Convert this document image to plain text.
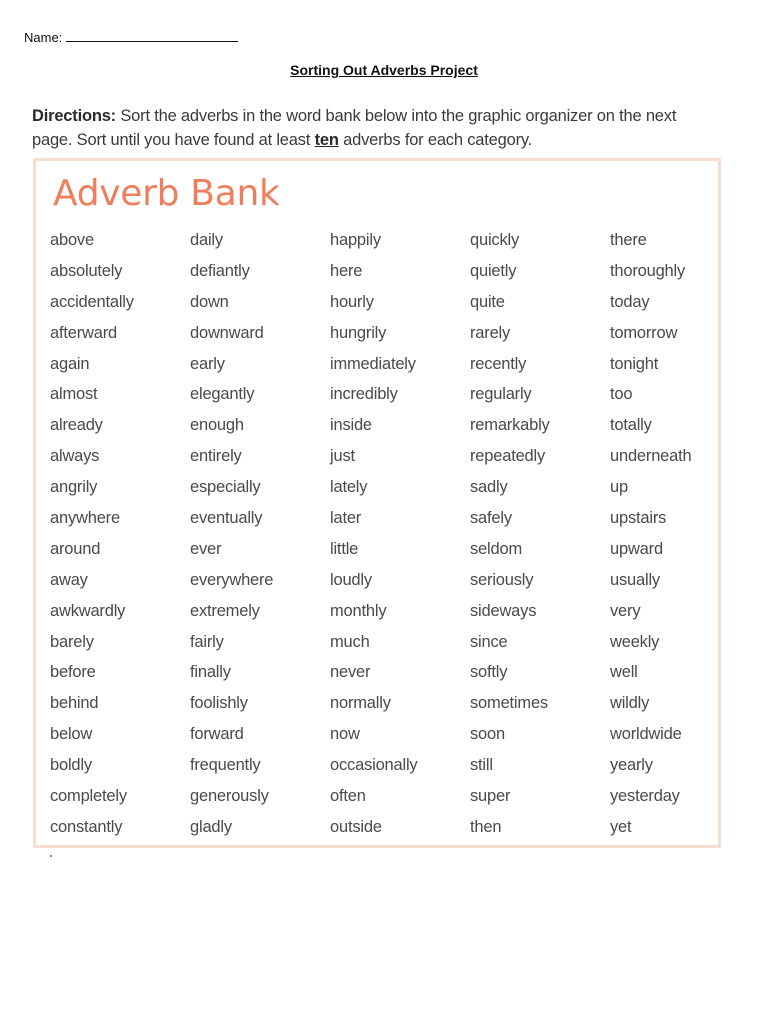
Name:
Sorting Out Adverbs Project
Directions: Sort the adverbs in the word bank below into the graphic organizer on the next page. Sort until you have found at least ten adverbs for each category.
Adverb Bank
above
absolutely
accidentally
afterward
again
almost
already
always
angrily
anywhere
around
away
awkwardly
barely
before
behind
below
boldly
completely
constantly
daily
defiantly
down
downward
early
elegantly
enough
entirely
especially
eventually
ever
everywhere
extremely
fairly
finally
foolishly
forward
frequently
generously
gladly
happily
here
hourly
hungrily
immediately
incredibly
inside
just
lately
later
little
loudly
monthly
much
never
normally
now
occasionally
often
outside
quickly
quietly
quite
rarely
recently
regularly
remarkably
repeatedly
sadly
safely
seldom
seriously
sideways
since
softly
sometimes
soon
still
super
then
there
thoroughly
today
tomorrow
tonight
too
totally
underneath
up
upstairs
upward
usually
very
weekly
well
wildly
worldwide
yearly
yesterday
yet
